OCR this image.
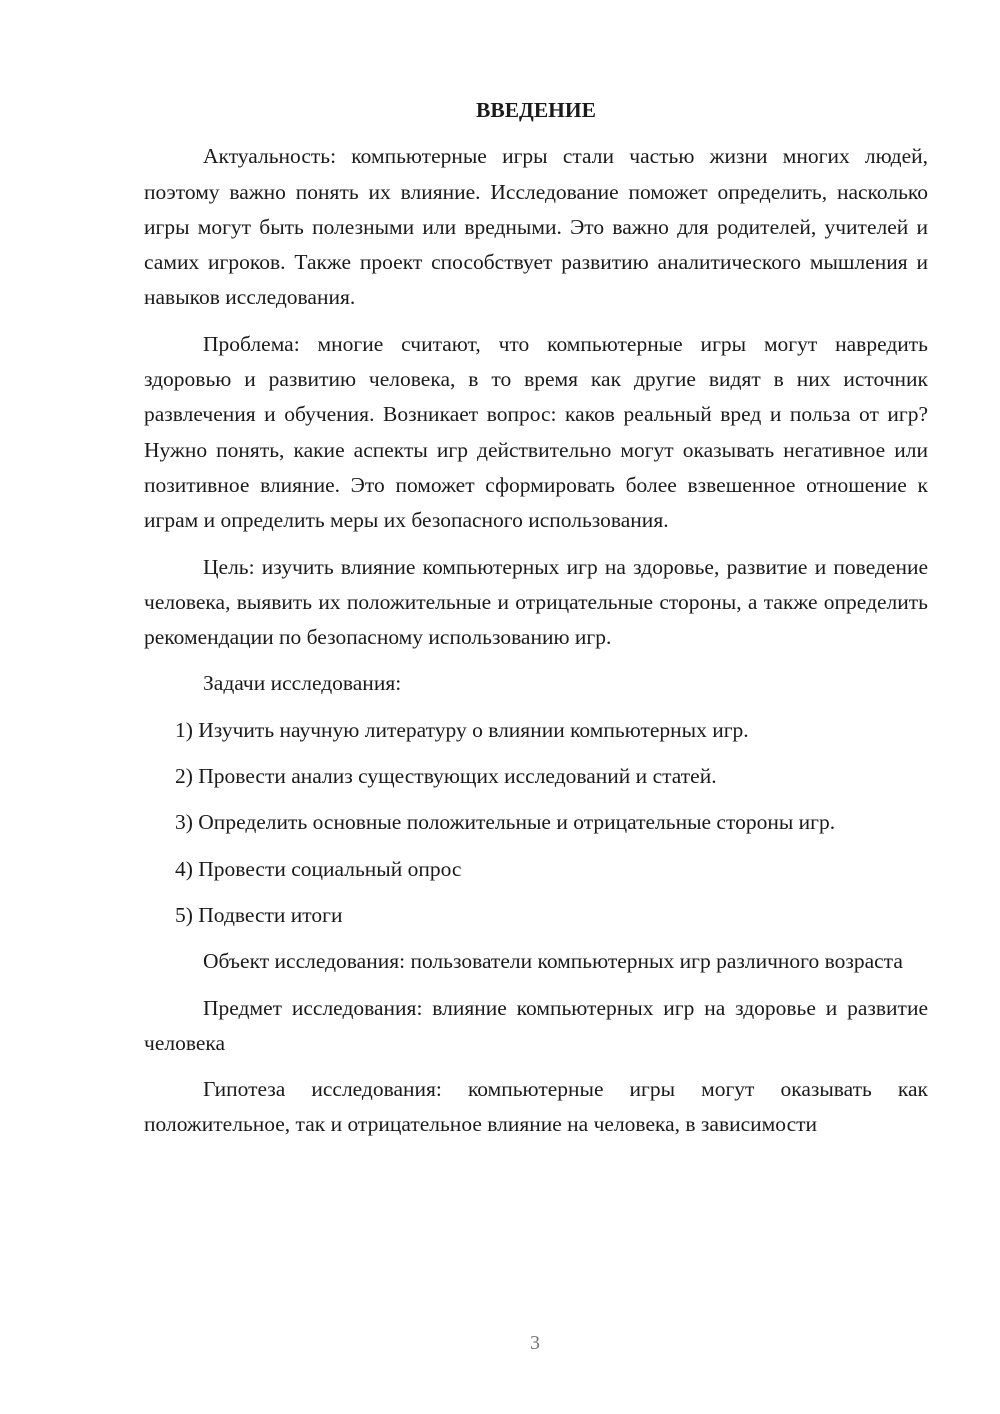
ВВЕДЕНИЕ

Актуальность: компьютерные игры стали частью жизни многих людей, поэтому важно понять их влияние. Исследование поможет определить, насколько игры могут быть полезными или вредными. Это важно для родителей, учителей и самих игроков. Также проект способствует развитию аналитического мышления и навыков исследования.

Проблема: многие считают, что компьютерные игры могут навредить здоровью и развитию человека, в то время как другие видят в них источник развлечения и обучения. Возникает вопрос: каков реальный вред и польза от игр? Нужно понять, какие аспекты игр действительно могут оказывать негативное или позитивное влияние. Это поможет сформировать более взвешенное отношение к играм и определить меры их безопасного использования.

Цель: изучить влияние компьютерных игр на здоровье, развитие и поведение человека, выявить их положительные и отрицательные стороны, а также определить рекомендации по безопасному использованию игр.

Задачи исследования:

1) Изучить научную литературу о влиянии компьютерных игр.

2) Провести анализ существующих исследований и статей.

3) Определить основные положительные и отрицательные стороны игр.

4) Провести социальный опрос

5) Подвести итоги

Объект исследования: пользователи компьютерных игр различного возраста

Предмет исследования: влияние компьютерных игр на здоровье и развитие человека

Гипотеза исследования: компьютерные игры могут оказывать как положительное, так и отрицательное влияние на человека, в зависимости

3
